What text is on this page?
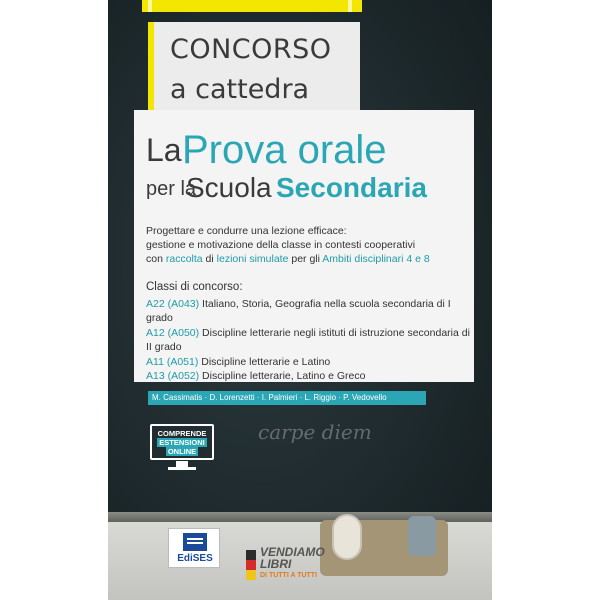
CONCORSO
a cattedra
La Prova orale
per la
Scuola Secondaria
Progettare e condurre una lezione efficace:
gestione e motivazione della classe in contesti cooperativi
con raccolta di lezioni simulate per gli Ambiti disciplinari 4 e 8
Classi di concorso:
A22 (A043) Italiano, Storia, Geografia nella scuola secondaria di I grado
A12 (A050) Discipline letterarie negli istituti di istruzione secondaria di II grado
A11 (A051) Discipline letterarie e Latino
A13 (A052) Discipline letterarie, Latino e Greco
M. Cassimatis · D. Lorenzetti · I. Palmieri · L. Riggio · P. Vedovello
carpe diem
COMPRENDE
ESTENSIONI
ONLINE
EdiSES	VENDIAMO
LIBRI
DI TUTTI A TUTTI
